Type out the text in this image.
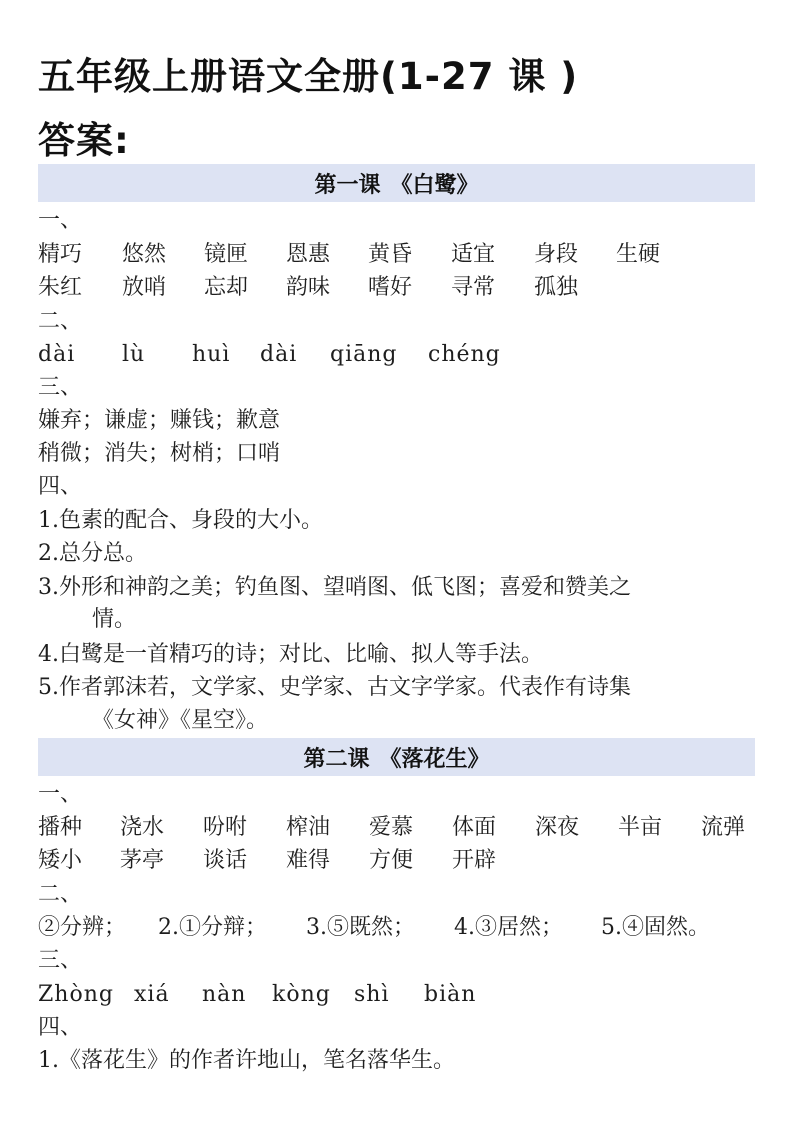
五年级上册语文全册(1-27 课 )
答案:
第一课 《白鹭》
一、
精巧 悠然 镜匣 恩惠 黄昏 适宜 身段 生硬
朱红 放哨 忘却 韵味 嗜好 寻常 孤独
二、
dài lù huì dài qiāng chéng
三、
嫌弃；谦虚；赚钱；歉意
稍微；消失；树梢；口哨
四、
1.色素的配合、身段的大小。
2.总分总。
3.外形和神韵之美；钓鱼图、望哨图、低飞图；喜爱和赞美之
情。
4.白鹭是一首精巧的诗；对比、比喻、拟人等手法。
5.作者郭沫若，文学家、史学家、古文字学家。代表作有诗集
《女神》《星空》。
第二课 《落花生》
一、
播种 浇水 吩咐 榨油 爱慕 体面 深夜 半亩 流弹
矮小 茅亭 谈话 难得 方便 开辟
二、
②分辨； 2.①分辩； 3.⑤既然； 4.③居然； 5.④固然。
三、
Zhòng xiá nàn kòng shì biàn
四、
1.《落花生》的作者许地山，笔名落华生。
